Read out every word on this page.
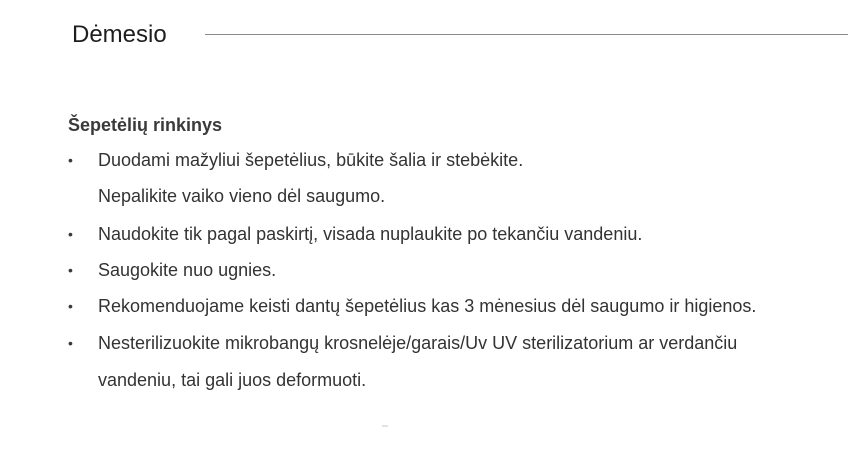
Dėmesio
Šepetėlių rinkinys
• Duodami mažyliui šepetėlius, būkite šalia ir stebėkite.
Nepalikite vaiko vieno dėl saugumo.
• Naudokite tik pagal paskirtį, visada nuplaukite po tekančiu vandeniu.
• Saugokite nuo ugnies.
• Rekomenduojame keisti dantų šepetėlius kas 3 mėnesius dėl saugumo ir higienos.
• Nesterilizuokite mikrobangų krosnelėje/garais/Uv UV sterilizatorium ar verdančiu
vandeniu, tai gali juos deformuoti.
